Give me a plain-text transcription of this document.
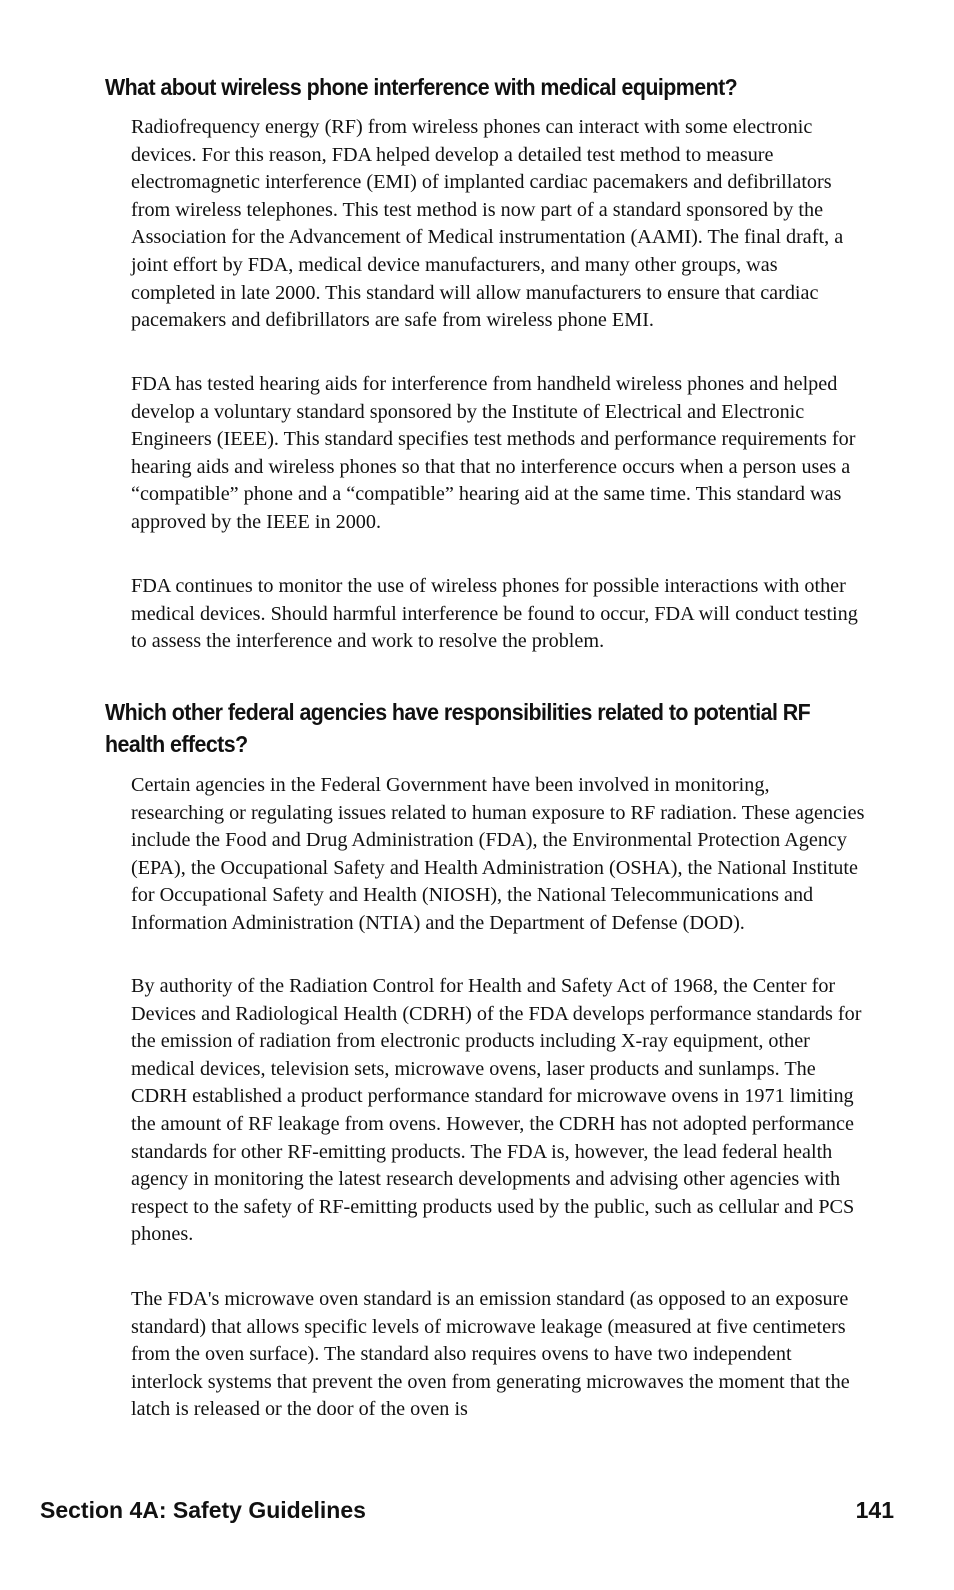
What about wireless phone interference with medical equipment?

Radiofrequency energy (RF) from wireless phones can interact with some electronic devices. For this reason, FDA helped develop a detailed test method to measure electromagnetic interference (EMI) of implanted cardiac pacemakers and defibrillators from wireless telephones. This test method is now part of a standard sponsored by the Association for the Advancement of Medical instrumentation (AAMI). The final draft, a joint effort by FDA, medical device manufacturers, and many other groups, was completed in late 2000. This standard will allow manufacturers to ensure that cardiac pacemakers and defibrillators are safe from wireless phone EMI.

FDA has tested hearing aids for interference from handheld wireless phones and helped develop a voluntary standard sponsored by the Institute of Electrical and Electronic Engineers (IEEE). This standard specifies test methods and performance requirements for hearing aids and wireless phones so that that no interference occurs when a person uses a “compatible” phone and a “compatible” hearing aid at the same time. This standard was approved by the IEEE in 2000.

FDA continues to monitor the use of wireless phones for possible interactions with other medical devices. Should harmful interference be found to occur, FDA will conduct testing to assess the interference and work to resolve the problem.

Which other federal agencies have responsibilities related to potential RF health effects?

Certain agencies in the Federal Government have been involved in monitoring, researching or regulating issues related to human exposure to RF radiation. These agencies include the Food and Drug Administration (FDA), the Environmental Protection Agency (EPA), the Occupational Safety and Health Administration (OSHA), the National Institute for Occupational Safety and Health (NIOSH), the National Telecommunications and Information Administration (NTIA) and the Department of Defense (DOD).

By authority of the Radiation Control for Health and Safety Act of 1968, the Center for Devices and Radiological Health (CDRH) of the FDA develops performance standards for the emission of radiation from electronic products including X-ray equipment, other medical devices, television sets, microwave ovens, laser products and sunlamps. The CDRH established a product performance standard for microwave ovens in 1971 limiting the amount of RF leakage from ovens. However, the CDRH has not adopted performance standards for other RF-emitting products. The FDA is, however, the lead federal health agency in monitoring the latest research developments and advising other agencies with respect to the safety of RF-emitting products used by the public, such as cellular and PCS phones.

The FDA's microwave oven standard is an emission standard (as opposed to an exposure standard) that allows specific levels of microwave leakage (measured at five centimeters from the oven surface). The standard also requires ovens to have two independent interlock systems that prevent the oven from generating microwaves the moment that the latch is released or the door of the oven is

Section 4A: Safety Guidelines	141
